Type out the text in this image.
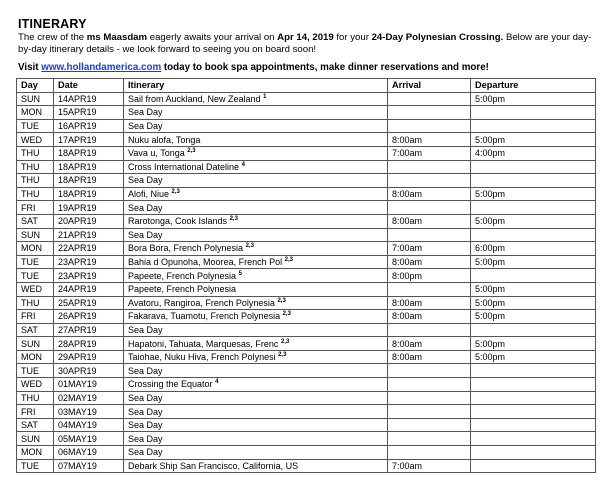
ITINERARY
The crew of the ms Maasdam eagerly awaits your arrival on Apr 14, 2019 for your 24-Day Polynesian Crossing. Below are your day-by-day itinerary details - we look forward to seeing you on board soon!
Visit www.hollandamerica.com today to book spa appointments, make dinner reservations and more!
Day	Date	Itinerary	Arrival	Departure
SUN	14APR19	Sail from Auckland, New Zealand $^1$		5:00pm
MON	15APR19	Sea Day		
TUE	16APR19	Sea Day		
WED	17APR19	Nuku alofa, Tonga	8:00am	5:00pm
THU	18APR19	Vava u, Tonga $^{2,3}$	7:00am	4:00pm
THU	18APR19	Cross International Dateline $^4$		
THU	18APR19	Sea Day		
THU	18APR19	Alofi, Niue $^{2,3}$	8:00am	5:00pm
FRI	19APR19	Sea Day		
SAT	20APR19	Rarotonga, Cook Islands $^{2,3}$	8:00am	5:00pm
SUN	21APR19	Sea Day		
MON	22APR19	Bora Bora, French Polynesia $^{2,3}$	7:00am	6:00pm
TUE	23APR19	Bahia d Opunoha, Moorea, French Pol $^{2,3}$	8:00am	5:00pm
TUE	23APR19	Papeete, French Polynesia $^5$	8:00pm	
WED	24APR19	Papeete, French Polynesia		5:00pm
THU	25APR19	Avatoru, Rangiroa, French Polynesia $^{2,3}$	8:00am	5:00pm
FRI	26APR19	Fakarava, Tuamotu, French Polynesia $^{2,3}$	8:00am	5:00pm
SAT	27APR19	Sea Day		
SUN	28APR19	Hapatoni, Tahuata, Marquesas, Frenc $^{2,3}$	8:00am	5:00pm
MON	29APR19	Taiohae, Nuku Hiva, French Polynesi $^{2,3}$	8:00am	5:00pm
TUE	30APR19	Sea Day		
WED	01MAY19	Crossing the Equator $^4$		
THU	02MAY19	Sea Day		
FRI	03MAY19	Sea Day		
SAT	04MAY19	Sea Day		
SUN	05MAY19	Sea Day		
MON	06MAY19	Sea Day		
TUE	07MAY19	Debark Ship San Francisco, California, US	7:00am	
